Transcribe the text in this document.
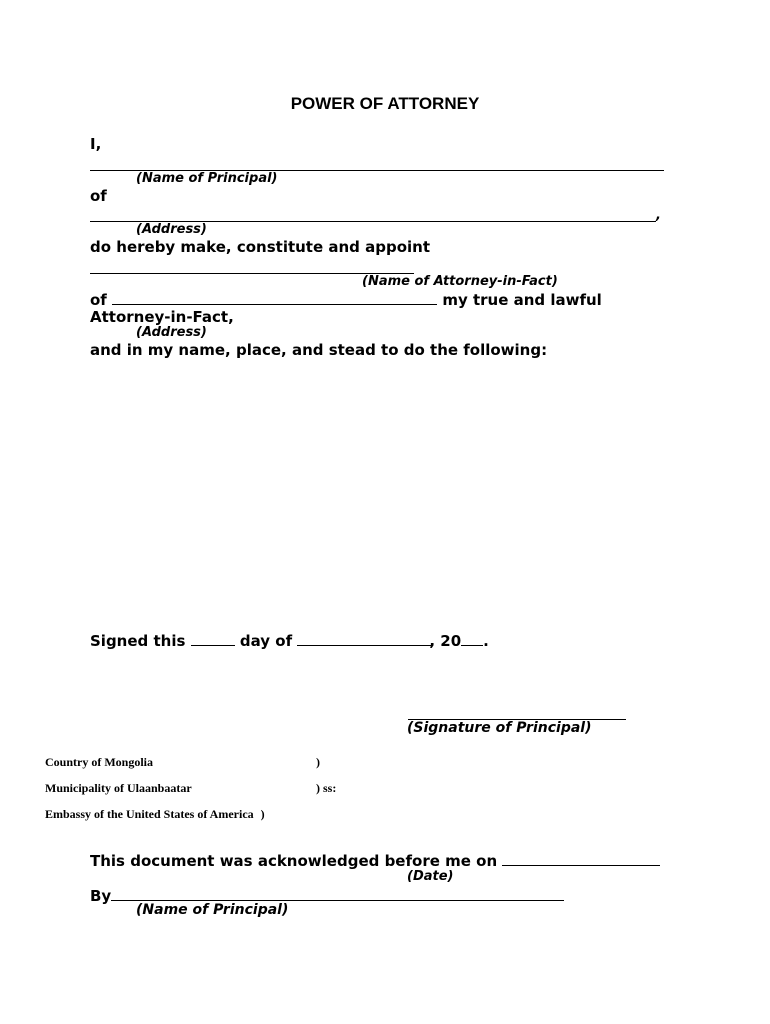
POWER OF ATTORNEY
I,
(Name of Principal)
of
,
(Address)
do hereby make, constitute and appoint
(Name of Attorney-in-Fact)
of	my true and lawful
Attorney-in-Fact,
(Address)
and in my name, place, and stead to do the following:
Signed this	day of	, 20 .
(Signature of Principal)
Country of Mongolia	)
Municipality of Ulaanbaatar	) ss:
Embassy of the United States of America )
This document was acknowledged before me on
(Date)
By
(Name of Principal)
